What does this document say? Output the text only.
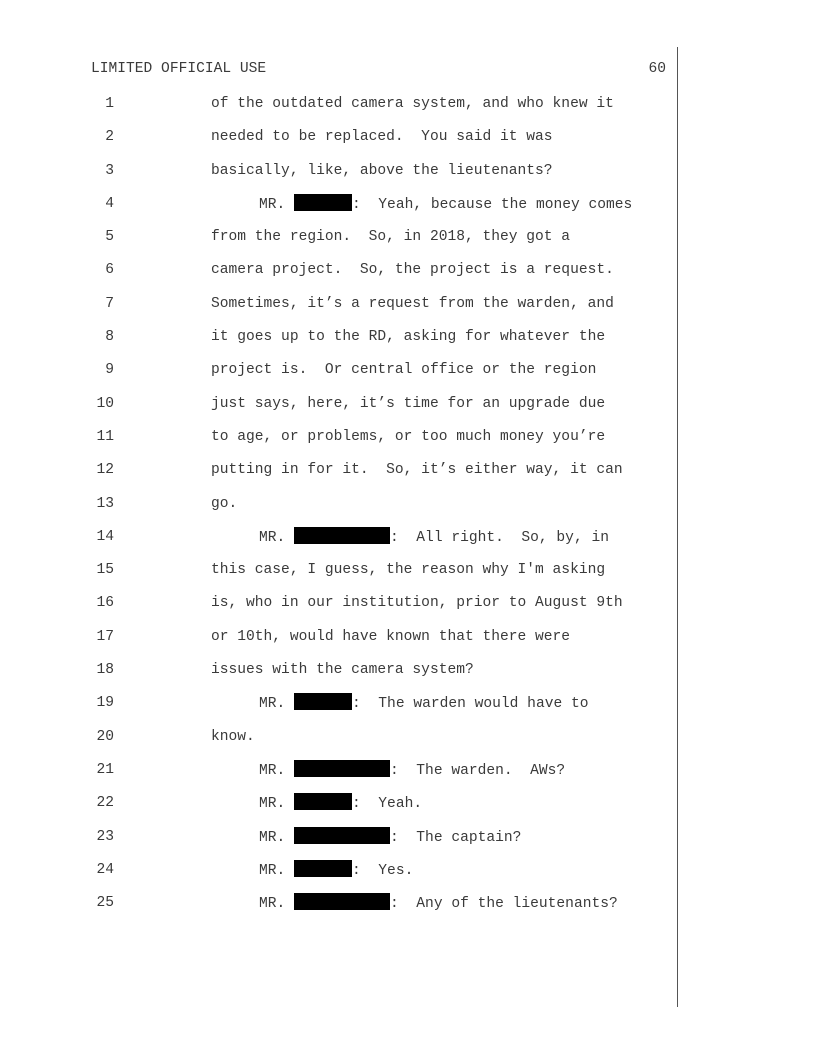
LIMITED OFFICIAL USE	60
1	of the outdated camera system, and who knew it
2	needed to be replaced.  You said it was
3	basically, like, above the lieutenants?
4	MR.	:  Yeah, because the money comes
5	from the region.  So, in 2018, they got a
6	camera project.  So, the project is a request.
7	Sometimes, it’s a request from the warden, and
8	it goes up to the RD, asking for whatever the
9	project is.  Or central office or the region
10	just says, here, it’s time for an upgrade due
11	to age, or problems, or too much money you’re
12	putting in for it.  So, it’s either way, it can
13	go.
14	MR.	:  All right.  So, by, in
15	this case, I guess, the reason why I'm asking
16	is, who in our institution, prior to August 9th
17	or 10th, would have known that there were
18	issues with the camera system?
19	MR.	:  The warden would have to
20	know.
21	MR.	:  The warden.  AWs?
22	MR.	:  Yeah.
23	MR.	:  The captain?
24	MR.	:  Yes.
25	MR.	:  Any of the lieutenants?
